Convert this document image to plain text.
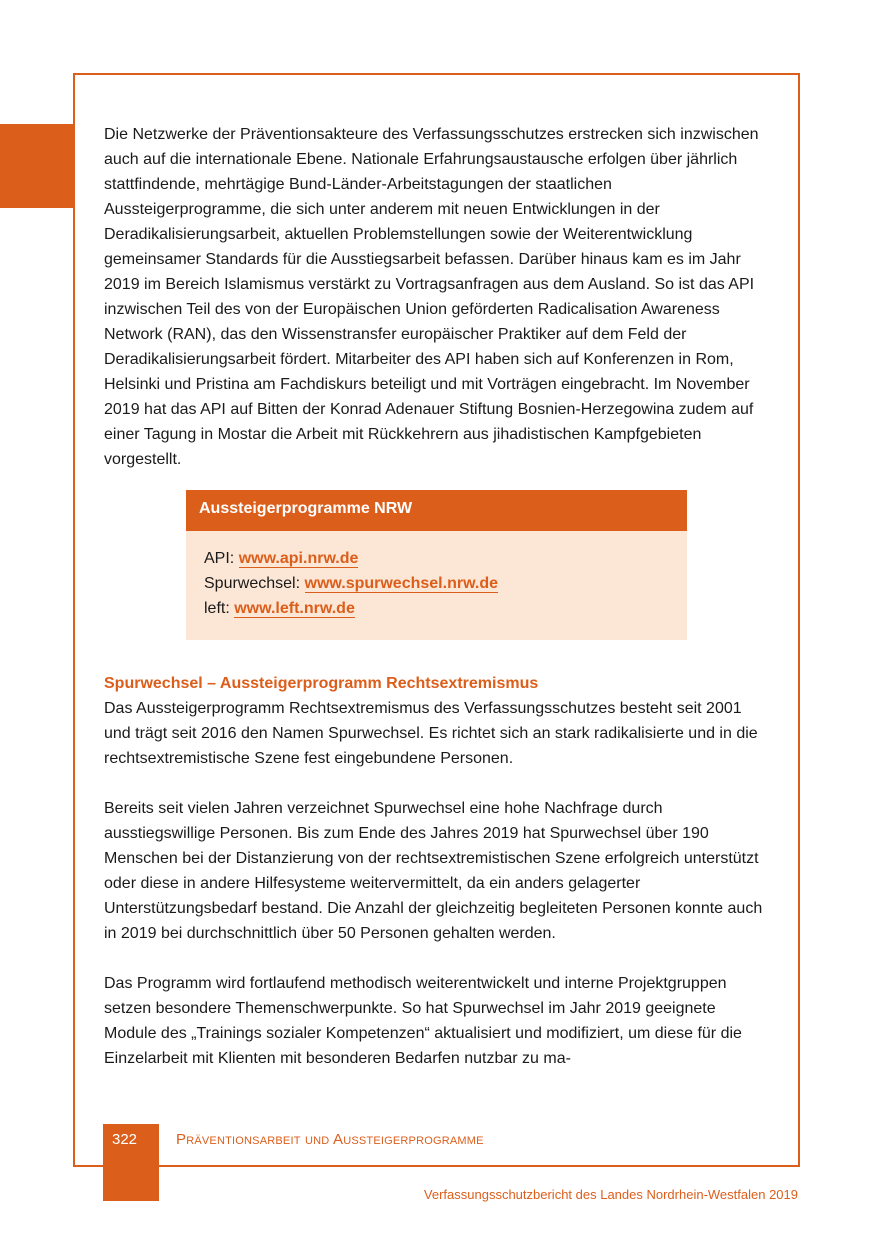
Die Netzwerke der Präventionsakteure des Verfassungsschutzes erstrecken sich inzwischen auch auf die internationale Ebene. Nationale Erfahrungsaustausche erfolgen über jährlich stattfindende, mehrtägige Bund-Länder-Arbeitstagungen der staatlichen Aussteigerprogramme, die sich unter anderem mit neuen Entwicklungen in der Deradikalisierungsarbeit, aktuellen Problemstellungen sowie der Weiterentwicklung gemeinsamer Standards für die Ausstiegsarbeit befassen. Darüber hinaus kam es im Jahr 2019 im Bereich Islamismus verstärkt zu Vortragsanfragen aus dem Ausland. So ist das API inzwischen Teil des von der Europäischen Union geförderten Radicalisation Awareness Network (RAN), das den Wissenstransfer europäischer Praktiker auf dem Feld der Deradikalisierungsarbeit fördert. Mitarbeiter des API haben sich auf Konferenzen in Rom, Helsinki und Pristina am Fachdiskurs beteiligt und mit Vorträgen eingebracht. Im November 2019 hat das API auf Bitten der Konrad Adenauer Stiftung Bosnien-Herzegowina zudem auf einer Tagung in Mostar die Arbeit mit Rückkehrern aus jihadistischen Kampfgebieten vorgestellt.

Aussteigerprogramme NRW
API: www.api.nrw.de
Spurwechsel: www.spurwechsel.nrw.de
left: www.left.nrw.de
Spurwechsel – Aussteigerprogramm Rechtsextremismus

Das Aussteigerprogramm Rechtsextremismus des Verfassungsschutzes besteht seit 2001 und trägt seit 2016 den Namen Spurwechsel. Es richtet sich an stark radikalisierte und in die rechtsextremistische Szene fest eingebundene Personen.

Bereits seit vielen Jahren verzeichnet Spurwechsel eine hohe Nachfrage durch ausstiegswillige Personen. Bis zum Ende des Jahres 2019 hat Spurwechsel über 190 Menschen bei der Distanzierung von der rechtsextremistischen Szene erfolgreich unterstützt oder diese in andere Hilfesysteme weitervermittelt, da ein anders gelagerter Unterstützungsbedarf bestand. Die Anzahl der gleichzeitig begleiteten Personen konnte auch in 2019 bei durchschnittlich über 50 Personen gehalten werden.

Das Programm wird fortlaufend methodisch weiterentwickelt und interne Projektgruppen setzen besondere Themenschwerpunkte. So hat Spurwechsel im Jahr 2019 geeignete Module des „Trainings sozialer Kompetenzen“ aktualisiert und modifiziert, um diese für die Einzelarbeit mit Klienten mit besonderen Bedarfen nutzbar zu ma-

322	Präventionsarbeit und Aussteigerprogramme
Verfassungsschutzbericht des Landes Nordrhein-Westfalen 2019
